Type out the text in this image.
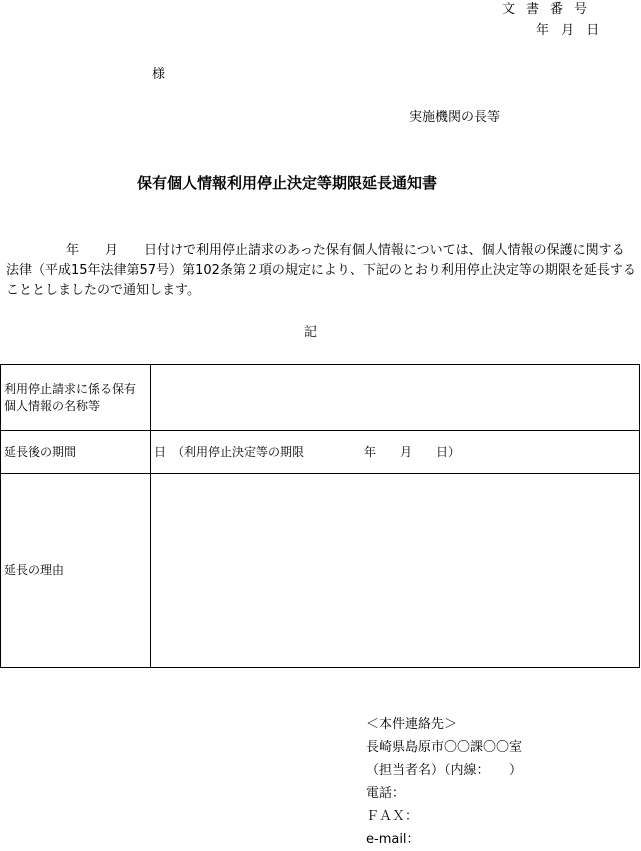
文書番号
年 月 日
様
実施機関の長等
保有個人情報利用停止決定等期限延長通知書
年　　月　　日付けで利用停止請求のあった保有個人情報については、個人情報の保護に関する法律（平成15年法律第57号）第102条第２項の規定により、下記のとおり利用停止決定等の期限を延長することとしましたので通知します。
記
利用停止請求に係る保有個人情報の名称等	
延長後の期間	日　（利用停止決定等の期限　　　　　年　　月　　日）
延長の理由	
＜本件連絡先＞
長崎県島原市〇〇課〇〇室
（担当者名）（内線：　　）
電話：
ＦＡＸ：
e-mail：
